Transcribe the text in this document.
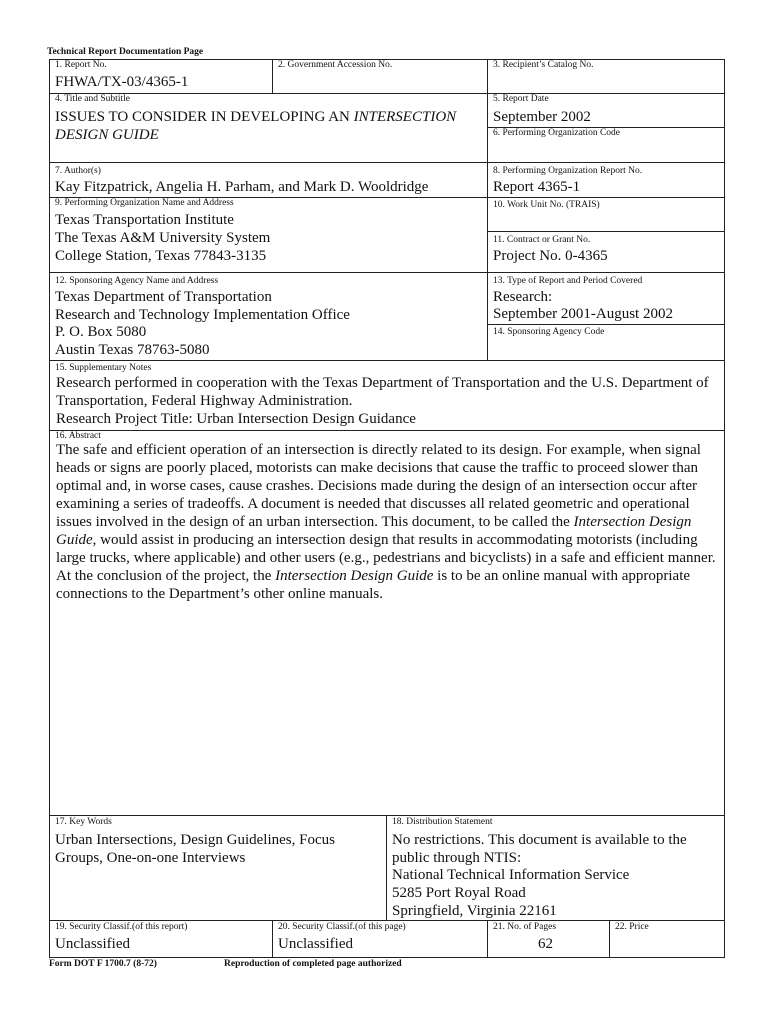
Technical Report Documentation Page
1. Report No.
FHWA/TX-03/4365-1
2. Government Accession No.	3. Recipient’s Catalog No.
4. Title and Subtitle
ISSUES TO CONSIDER IN DEVELOPING AN INTERSECTION
DESIGN GUIDE
5. Report Date
September 2002
6. Performing Organization Code
7. Author(s)
Kay Fitzpatrick, Angelia H. Parham, and Mark D. Wooldridge
8. Performing Organization Report No.
Report 4365-1
9. Performing Organization Name and Address
Texas Transportation Institute
The Texas A&M University System
College Station, Texas 77843-3135
10. Work Unit No. (TRAIS)
11. Contract or Grant No.
Project No. 0-4365
12. Sponsoring Agency Name and Address
Texas Department of Transportation
Research and Technology Implementation Office
P. O. Box 5080
Austin Texas 78763-5080
13. Type of Report and Period Covered
Research:
September 2001-August 2002
14. Sponsoring Agency Code
15. Supplementary Notes
Research performed in cooperation with the Texas Department of Transportation and the U.S. Department of
Transportation, Federal Highway Administration.
Research Project Title: Urban Intersection Design Guidance
16. Abstract
The safe and efficient operation of an intersection is directly related to its design. For example, when signal heads or signs are poorly placed, motorists can make decisions that cause the traffic to proceed slower than optimal and, in worse cases, cause crashes. Decisions made during the design of an intersection occur after examining a series of tradeoffs. A document is needed that discusses all related geometric and operational issues involved in the design of an urban intersection. This document, to be called the Intersection Design Guide, would assist in producing an intersection design that results in accommodating motorists (including large trucks, where applicable) and other users (e.g., pedestrians and bicyclists) in a safe and efficient manner. At the conclusion of the project, the Intersection Design Guide is to be an online manual with appropriate connections to the Department’s other online manuals.
17. Key Words
Urban Intersections, Design Guidelines, Focus
Groups, One-on-one Interviews
18. Distribution Statement
No restrictions. This document is available to the
public through NTIS:
National Technical Information Service
5285 Port Royal Road
Springfield, Virginia 22161
19. Security Classif.(of this report)
Unclassified
20. Security Classif.(of this page)
Unclassified
21. No. of Pages
62
22. Price
Form DOT F 1700.7 (8-72)	Reproduction of completed page authorized
